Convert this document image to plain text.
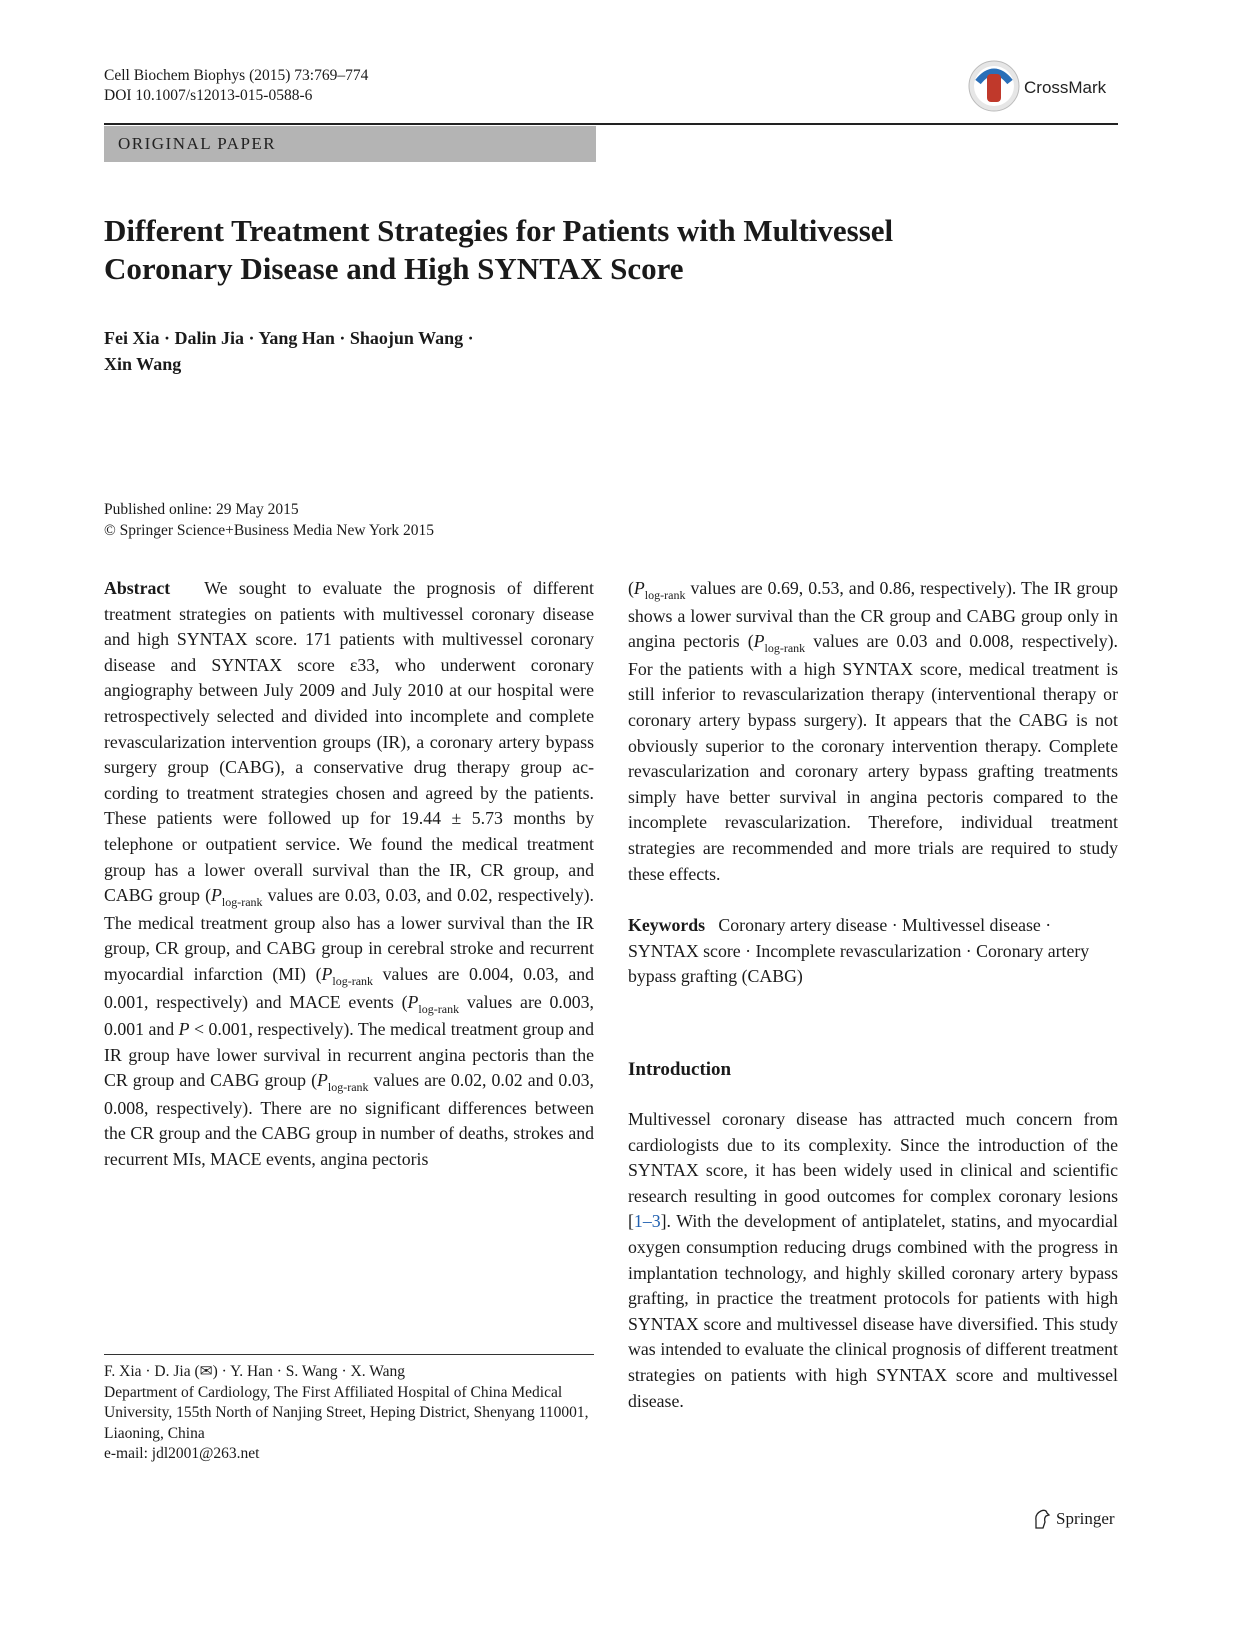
Cell Biochem Biophys (2015) 73:769–774
DOI 10.1007/s12013-015-0588-6	CrossMark
ORIGINAL PAPER
Different Treatment Strategies for Patients with Multivessel Coronary Disease and High SYNTAX Score
Fei Xia · Dalin Jia · Yang Han · Shaojun Wang ·
Xin Wang
Published online: 29 May 2015
© Springer Science+Business Media New York 2015

Abstract We sought to evaluate the prognosis of different treatment strategies on patients with multivessel coronary disease and high SYNTAX score. 171 patients with multivessel coronary disease and SYNTAX score ε33, who underwent coronary angiography between July 2009 and July 2010 at our hospital were retrospectively selected and divided into incomplete and complete revascularization intervention groups (IR), a coronary artery bypass surgery group (CABG), a conservative drug therapy group according to treatment strategies chosen and agreed by the patients. These patients were followed up for 19.44 ± 5.73 months by telephone or outpatient service. We found the medical treatment group has a lower overall survival than the IR, CR group, and CABG group ($P_{log-rank}$ values are 0.03, 0.03, and 0.02, respectively). The medical treatment group also has a lower survival than the IR group, CR group, and CABG group in cerebral stroke and recurrent myocardial infarction (MI) ($P_{log-rank}$ values are 0.004, 0.03, and 0.001, respectively) and MACE events ($P_{log-rank}$ values are 0.003, 0.001 and P < 0.001, respectively). The medical treatment group and IR group have lower survival in recurrent angina pectoris than the CR group and CABG group ($P_{log-rank}$ values are 0.02, 0.02 and 0.03, 0.008, respectively). There are no significant differences between the CR group and the CABG group in number of deaths, strokes and recurrent MIs, MACE events, angina pectoris

($P_{log-rank}$ values are 0.69, 0.53, and 0.86, respectively). The IR group shows a lower survival than the CR group and CABG group only in angina pectoris ($P_{log-rank}$ values are 0.03 and 0.008, respectively). For the patients with a high SYNTAX score, medical treatment is still inferior to revascularization therapy (interventional therapy or coronary artery bypass surgery). It appears that the CABG is not obviously superior to the coronary intervention therapy. Complete revascularization and coronary artery bypass grafting treatments simply have better survival in angina pectoris compared to the incomplete revascularization. Therefore, individual treatment strategies are recommended and more trials are required to study these effects.

Keywords Coronary artery disease · Multivessel disease · SYNTAX score · Incomplete revascularization · Coronary artery bypass grafting (CABG)

Introduction

Multivessel coronary disease has attracted much concern from cardiologists due to its complexity. Since the introduction of the SYNTAX score, it has been widely used in clinical and scientific research resulting in good outcomes for complex coronary lesions [1–3]. With the development of antiplatelet, statins, and myocardial oxygen consumption reducing drugs combined with the progress in implantation technology, and highly skilled coronary artery bypass grafting, in practice the treatment protocols for patients with high SYNTAX score and multivessel disease have diversified. This study was intended to evaluate the clinical prognosis of different treatment strategies on patients with high SYNTAX score and multivessel disease.

F. Xia · D. Jia (✉) · Y. Han · S. Wang · X. Wang
Department of Cardiology, The First Affiliated Hospital of China Medical University, 155th North of Nanjing Street, Heping District, Shenyang 110001, Liaoning, China
e-mail: jdl2001@263.net
Springer
